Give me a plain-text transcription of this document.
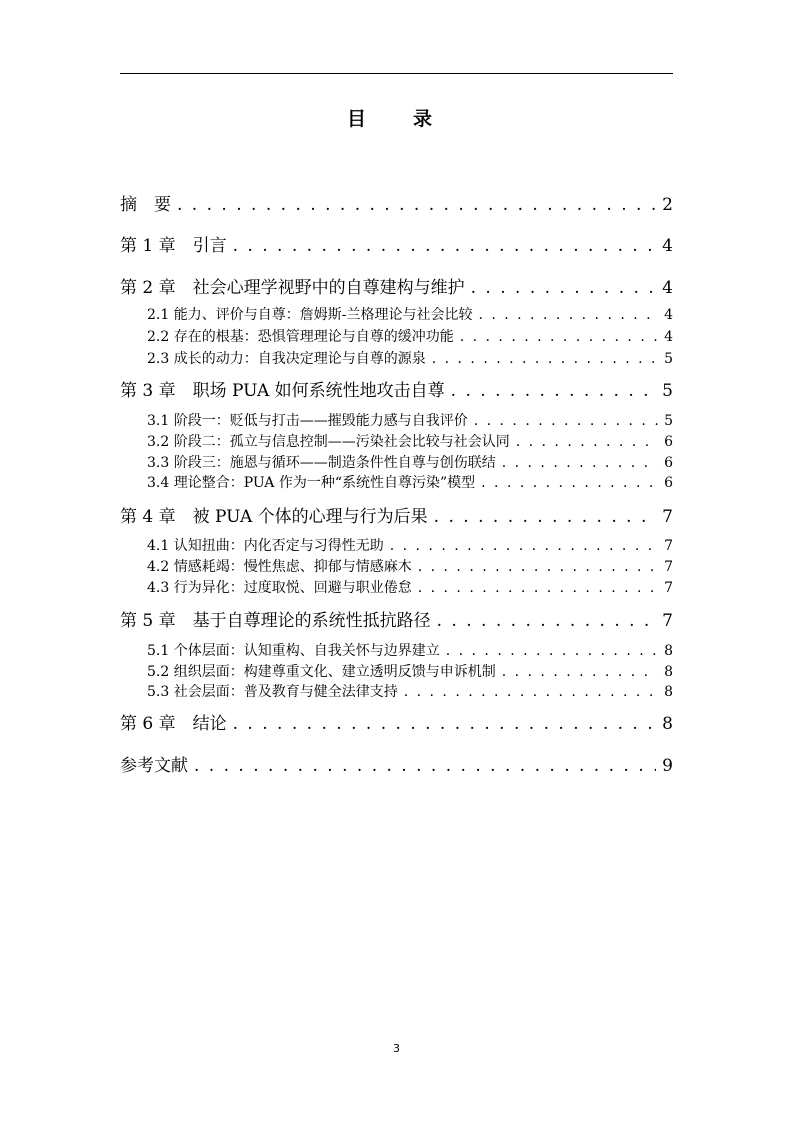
目　录
摘　要 . . .	2
第 1 章　引言 . . .	4
第 2 章　社会心理学视野中的自尊建构与维护 . . .	4
2.1 能力、评价与自尊：詹姆斯-兰格理论与社会比较 . . .	4
2.2 存在的根基：恐惧管理理论与自尊的缓冲功能 . . .	4
2.3 成长的动力：自我决定理论与自尊的源泉 . . .	5
第 3 章　职场 PUA 如何系统性地攻击自尊 . . .	5
3.1 阶段一：贬低与打击——摧毁能力感与自我评价 . . .	5
3.2 阶段二：孤立与信息控制——污染社会比较与社会认同 . . .	6
3.3 阶段三：施恩与循环——制造条件性自尊与创伤联结 . . .	6
3.4 理论整合：PUA 作为一种“系统性自尊污染”模型 . . .	6
第 4 章　被 PUA 个体的心理与行为后果 . . .	7
4.1 认知扭曲：内化否定与习得性无助 . . .	7
4.2 情感耗竭：慢性焦虑、抑郁与情感麻木 . . .	7
4.3 行为异化：过度取悦、回避与职业倦怠 . . .	7
第 5 章　基于自尊理论的系统性抵抗路径 . . .	7
5.1 个体层面：认知重构、自我关怀与边界建立 . . .	8
5.2 组织层面：构建尊重文化、建立透明反馈与申诉机制 . . .	8
5.3 社会层面：普及教育与健全法律支持 . . .	8
第 6 章　结论 . . .	8
参考文献 . . .	9
3
